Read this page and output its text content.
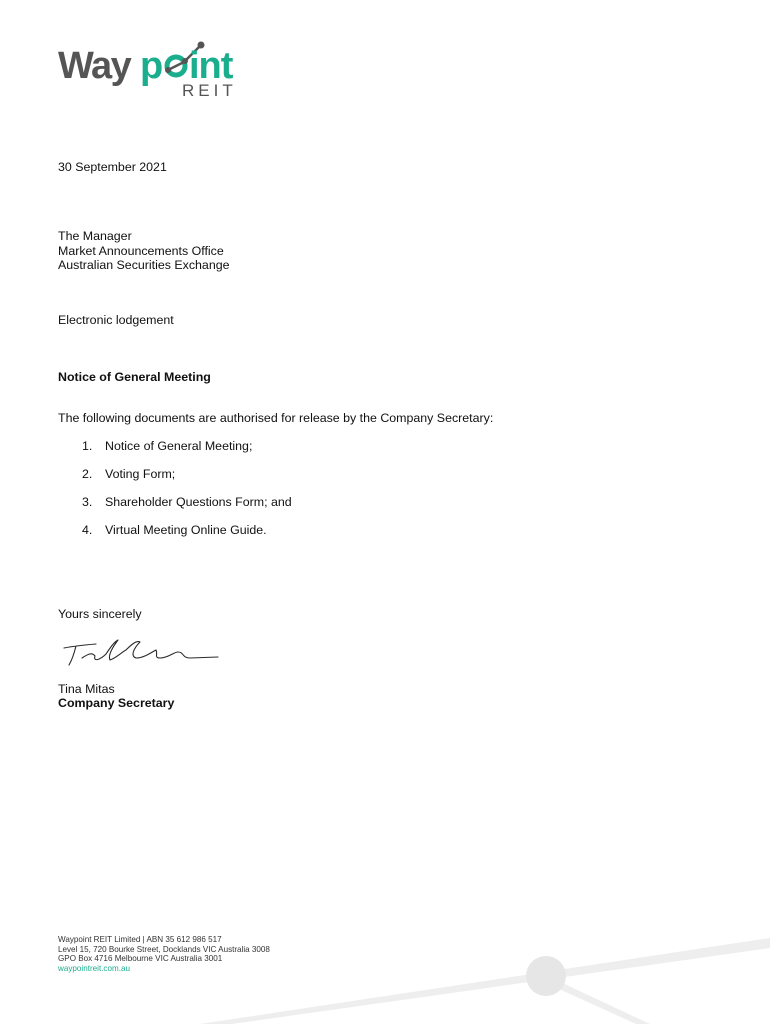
Way p int
REIT
30 September 2021
The Manager
Market Announcements Office
Australian Securities Exchange
Electronic lodgement
Notice of General Meeting
The following documents are authorised for release by the Company Secretary:
1.	Notice of General Meeting;
2.	Voting Form;
3.	Shareholder Questions Form; and
4.	Virtual Meeting Online Guide.
Yours sincerely
Tina Mitas
Company Secretary
Waypoint REIT Limited | ABN 35 612 986 517
Level 15, 720 Bourke Street, Docklands VIC Australia 3008
GPO Box 4716 Melbourne VIC Australia 3001
waypointreit.com.au
